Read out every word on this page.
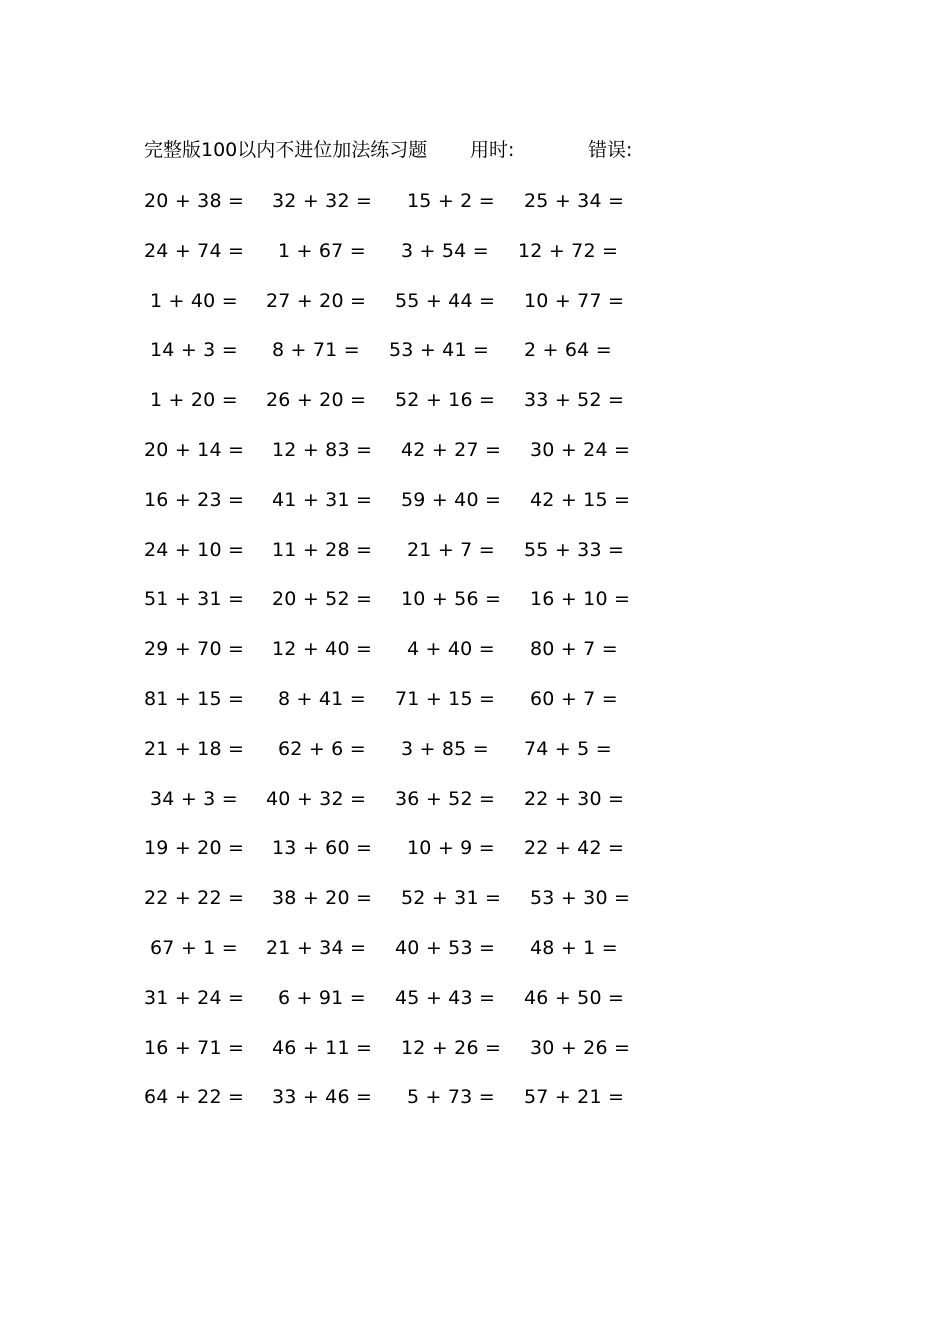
完整版100以内不进位加法练习题 用时:	错误:
20 + 38 = 32 + 32 = 15 + 2 = 25 + 34 =
24 + 74 = 1 + 67 = 3 + 54 = 12 + 72 =
1 + 40 = 27 + 20 = 55 + 44 = 10 + 77 =
14 + 3 = 8 + 71 = 53 + 41 = 2 + 64 =
1 + 20 = 26 + 20 = 52 + 16 = 33 + 52 =
20 + 14 = 12 + 83 = 42 + 27 = 30 + 24 =
16 + 23 = 41 + 31 = 59 + 40 = 42 + 15 =
24 + 10 = 11 + 28 = 21 + 7 = 55 + 33 =
51 + 31 = 20 + 52 = 10 + 56 = 16 + 10 =
29 + 70 = 12 + 40 = 4 + 40 = 80 + 7 =
81 + 15 = 8 + 41 = 71 + 15 = 60 + 7 =
21 + 18 = 62 + 6 = 3 + 85 = 74 + 5 =
34 + 3 = 40 + 32 = 36 + 52 = 22 + 30 =
19 + 20 = 13 + 60 = 10 + 9 = 22 + 42 =
22 + 22 = 38 + 20 = 52 + 31 = 53 + 30 =
67 + 1 = 21 + 34 = 40 + 53 = 48 + 1 =
31 + 24 = 6 + 91 = 45 + 43 = 46 + 50 =
16 + 71 = 46 + 11 = 12 + 26 = 30 + 26 =
64 + 22 = 33 + 46 = 5 + 73 = 57 + 21 =
